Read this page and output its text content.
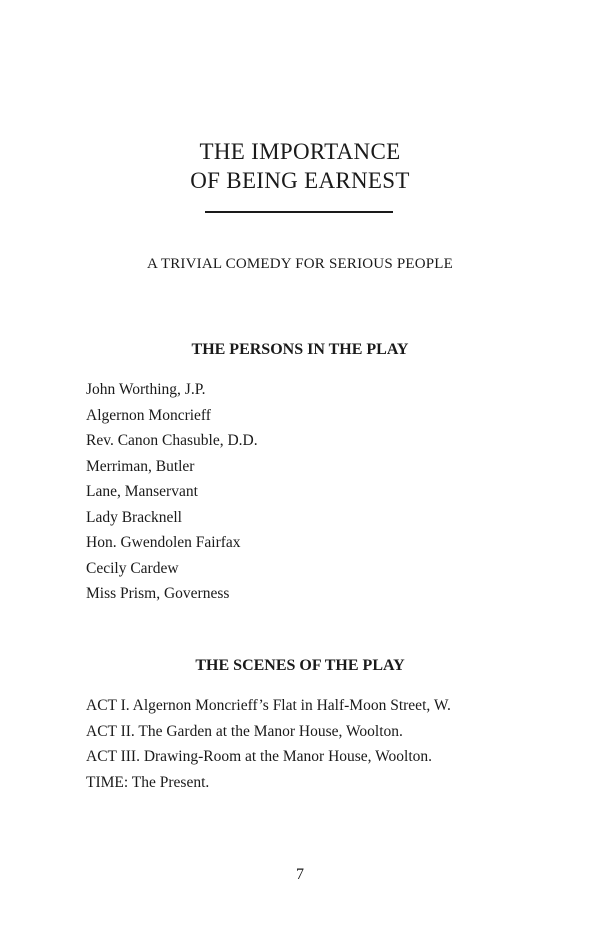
THE IMPORTANCE
OF BEING EARNEST
A TRIVIAL COMEDY FOR SERIOUS PEOPLE
THE PERSONS IN THE PLAY
John Worthing, J.P.
Algernon Moncrieff
Rev. Canon Chasuble, D.D.
Merriman, Butler
Lane, Manservant
Lady Bracknell
Hon. Gwendolen Fairfax
Cecily Cardew
Miss Prism, Governess
THE SCENES OF THE PLAY
ACT I. Algernon Moncrieff’s Flat in Half-Moon Street, W.
ACT II. The Garden at the Manor House, Woolton.
ACT III. Drawing-Room at the Manor House, Woolton.
TIME: The Present.
7
